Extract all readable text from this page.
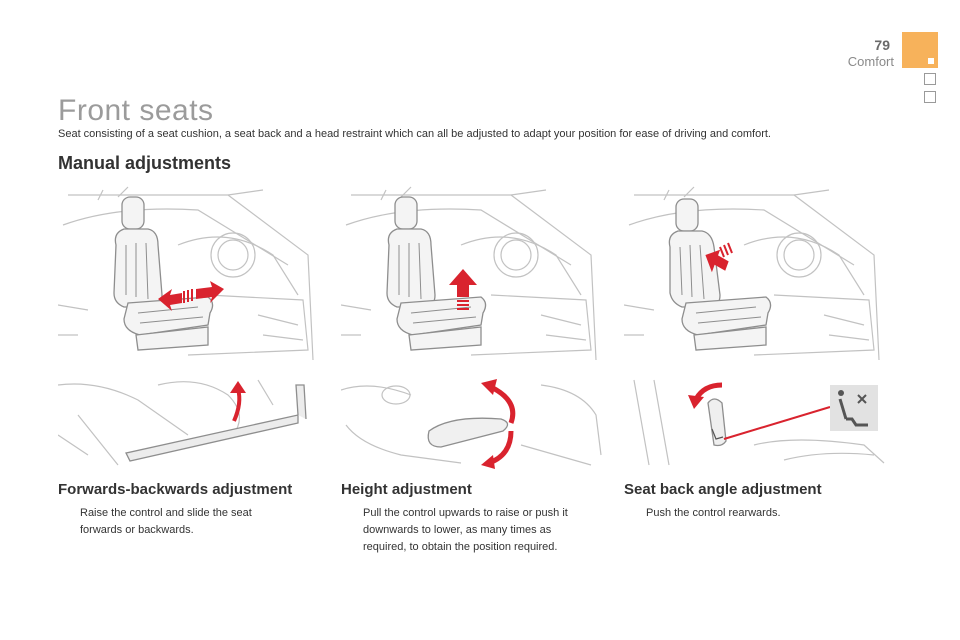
79
Comfort
Front seats

Seat consisting of a seat cushion, a seat back and a head restraint which can all be adjusted to adapt your position for ease of driving and comfort.

Manual adjustments
Forwards-backwards adjustment
Raise the control and slide the seat forwards or backwards.
Height adjustment
Pull the control upwards to raise or push it downwards to lower, as many times as required, to obtain the position required.
Seat back angle adjustment
Push the control rearwards.
